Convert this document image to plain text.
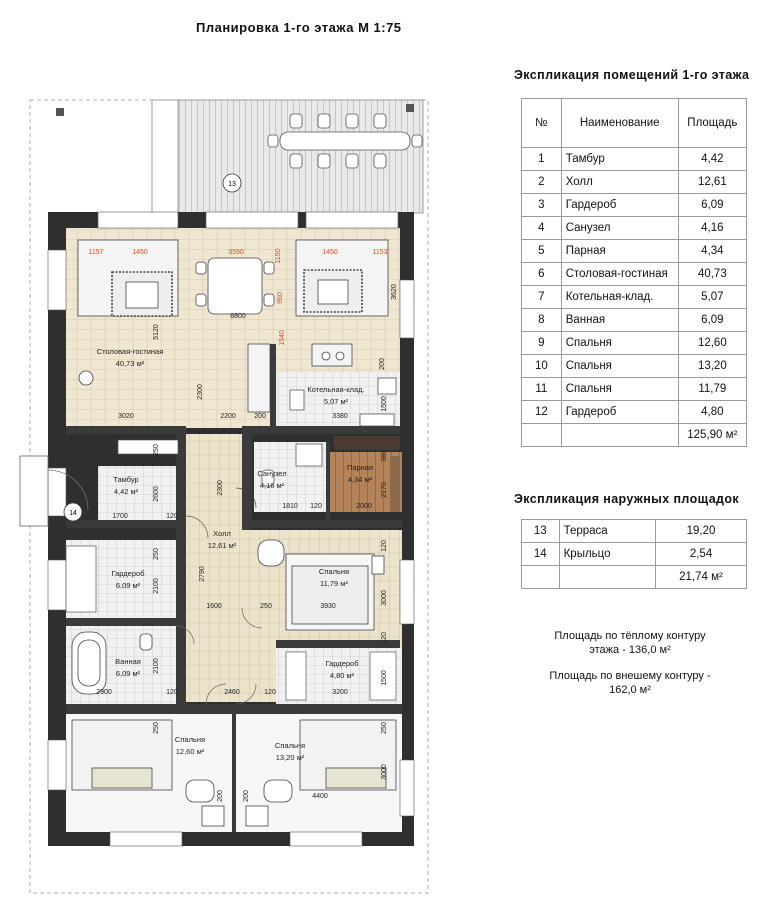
Планировка 1-го этажа М 1:75
13
14
Столовая-гостиная
40,73 м²
Котельная-клад.
5,07 м²
Тамбур
4,42 м²
Санузел
4,16 м²
Парная
4,34 м²
Холл
12,61 м²
Гардероб
6,09 м²
Спальня
11,79 м²
Ванная
6,09 м²
Гардероб
4,80 м²
Спальня
12,60 м²
Спальня
13,20 м²
1157	1450	3590	1150	1450	1153
960
1540
8800
5120
3620
200
2300
3020	2200	200	3380
1500
250
2600
1700	120
2300
1810 120	2000
2170
380
250
2100
2790
1600	250	3930
3000
120
120
2100
1500
2900	120	2460	120	3200
250	250
3000
200	200	4400
Экспликация помещений 1-го этажа
№	Наименование	Площадь
1	Тамбур	4,42
2	Холл	12,61
3	Гардероб	6,09
4	Санузел	4,16
5	Парная	4,34
6	Столовая-гостиная	40,73
7	Котельная-клад.	5,07
8	Ванная	6,09
9	Спальня	12,60
10	Спальня	13,20
11	Спальня	11,79
12	Гардероб	4,80
		125,90 м²
Экспликация наружных площадок
13	Терраса	19,20
14	Крыльцо	2,54
		21,74 м²
Площадь по тёплому контуру
этажа - 136,0 м²
Площадь по внешему контуру -
162,0 м²
